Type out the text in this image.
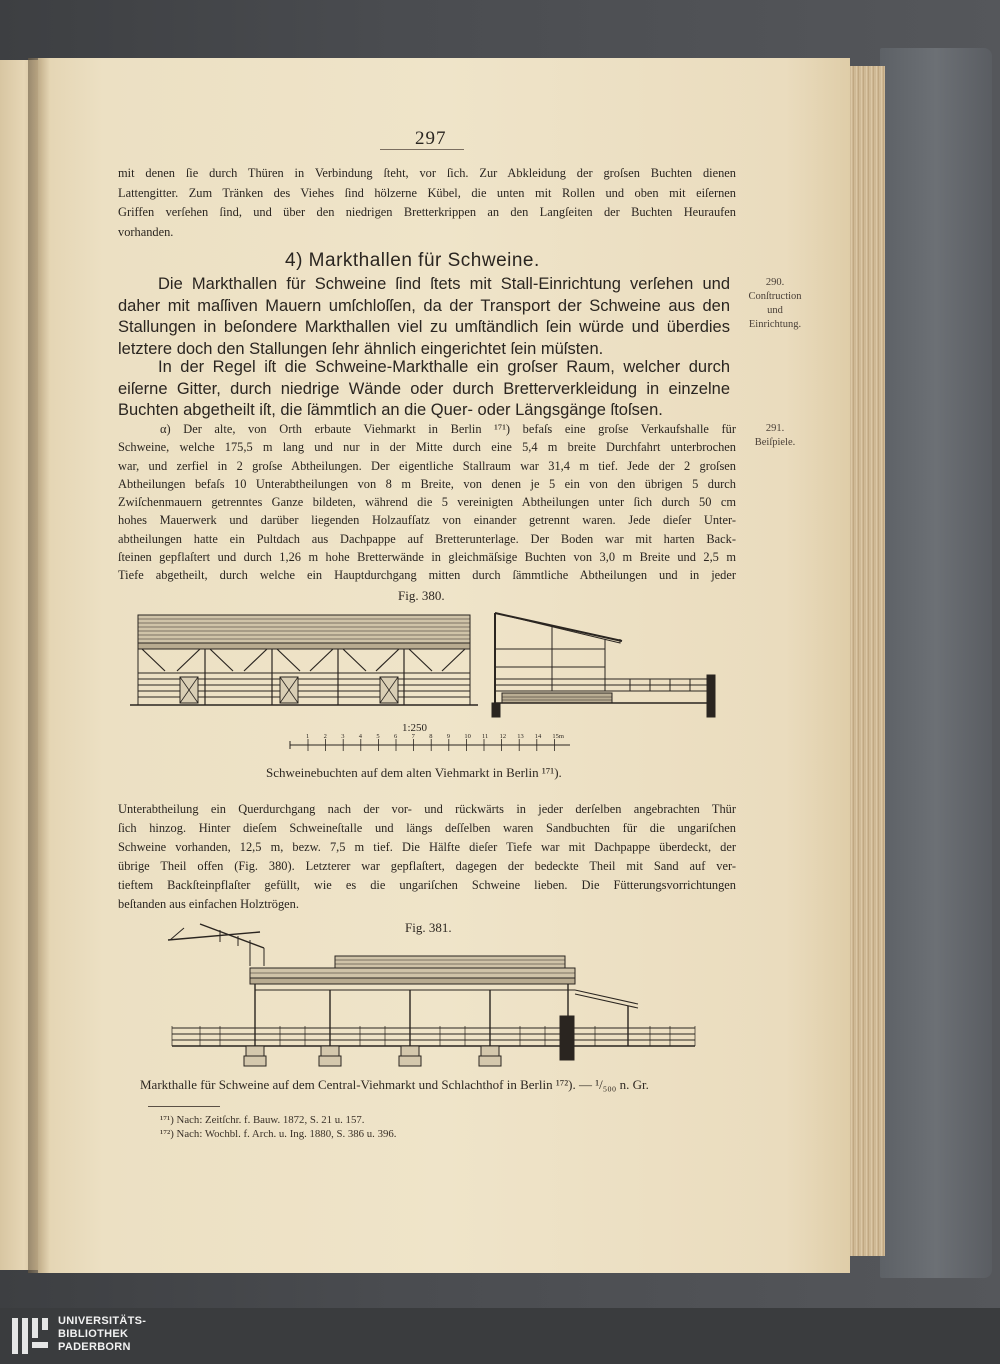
297
mit denen ſie durch Thüren in Verbindung ſteht, vor ſich. Zur Abkleidung der groſsen Buchten dienen
Lattengitter. Zum Tränken des Viehes ſind hölzerne Kübel, die unten mit Rollen und oben mit eiſernen
Griffen verſehen ſind, und über den niedrigen Bretterkrippen an den Langſeiten der Buchten Heuraufen
vorhanden.
4) Markthallen für Schweine.
Die Markthallen für Schweine ſind ſtets mit Stall-Einrichtung verſehen und
daher mit maſſiven Mauern umſchloſſen, da der Transport der Schweine aus den
Stallungen in beſondere Markthallen viel zu umſtändlich ſein würde und überdies
letztere doch den Stallungen ſehr ähnlich eingerichtet ſein müſsten.
In der Regel iſt die Schweine-Markthalle ein groſser Raum, welcher durch
eiſerne Gitter, durch niedrige Wände oder durch Bretterverkleidung in einzelne
Buchten abgetheilt iſt, die ſämmtlich an die Quer- oder Längsgänge ſtoſsen.
290.
Conſtruction
und
Einrichtung.
291.
Beiſpiele.
α) Der alte, von Orth erbaute Viehmarkt in Berlin ¹⁷¹) befaſs eine groſse Verkaufshalle für
Schweine, welche 175,5 m lang und nur in der Mitte durch eine 5,4 m breite Durchfahrt unterbrochen
war, und zerfiel in 2 groſse Abtheilungen. Der eigentliche Stallraum war 31,4 m tief. Jede der 2 groſsen
Abtheilungen befaſs 10 Unterabtheilungen von 8 m Breite, von denen je 5 ein von den übrigen 5 durch
Zwiſchenmauern getrenntes Ganze bildeten, während die 5 vereinigten Abtheilungen unter ſich durch 50 cm
hohes Mauerwerk und darüber liegenden Holzaufſatz von einander getrennt waren. Jede dieſer Unter-
abtheilungen hatte ein Pultdach aus Dachpappe auf Bretterunterlage. Der Boden war mit harten Back-
ſteinen gepflaſtert und durch 1,26 m hohe Bretterwände in gleichmäſsige Buchten von 3,0 m Breite und 2,5 m
Tiefe abgetheilt, durch welche ein Hauptdurchgang mitten durch ſämmtliche Abtheilungen und in jeder
Fig. 380.
1:250
1 2 3 4 5 6 7 8 9 10 11 12 13 14 15m
Schweinebuchten auf dem alten Viehmarkt in Berlin ¹⁷¹).
Unterabtheilung ein Querdurchgang nach der vor- und rückwärts in jeder derſelben angebrachten Thür
ſich hinzog. Hinter dieſem Schweineſtalle und längs deſſelben waren Sandbuchten für die ungariſchen
Schweine vorhanden, 12,5 m, bezw. 7,5 m tief. Die Hälfte dieſer Tiefe war mit Dachpappe überdeckt, der
übrige Theil offen (Fig. 380). Letzterer war gepflaſtert, dagegen der bedeckte Theil mit Sand auf ver-
tieftem Backſteinpflaſter gefüllt, wie es die ungariſchen Schweine lieben. Die Fütterungsvorrichtungen
beſtanden aus einfachen Holztrögen.
Fig. 381.
Markthalle für Schweine auf dem Central-Viehmarkt und Schlachthof in Berlin ¹⁷²). — ¹/₅₀₀ n. Gr.
¹⁷¹) Nach: Zeitſchr. f. Bauw. 1872, S. 21 u. 157.
¹⁷²) Nach: Wochbl. f. Arch. u. Ing. 1880, S. 386 u. 396.
UNIVERSITÄTS-
BIBLIOTHEK
PADERBORN
